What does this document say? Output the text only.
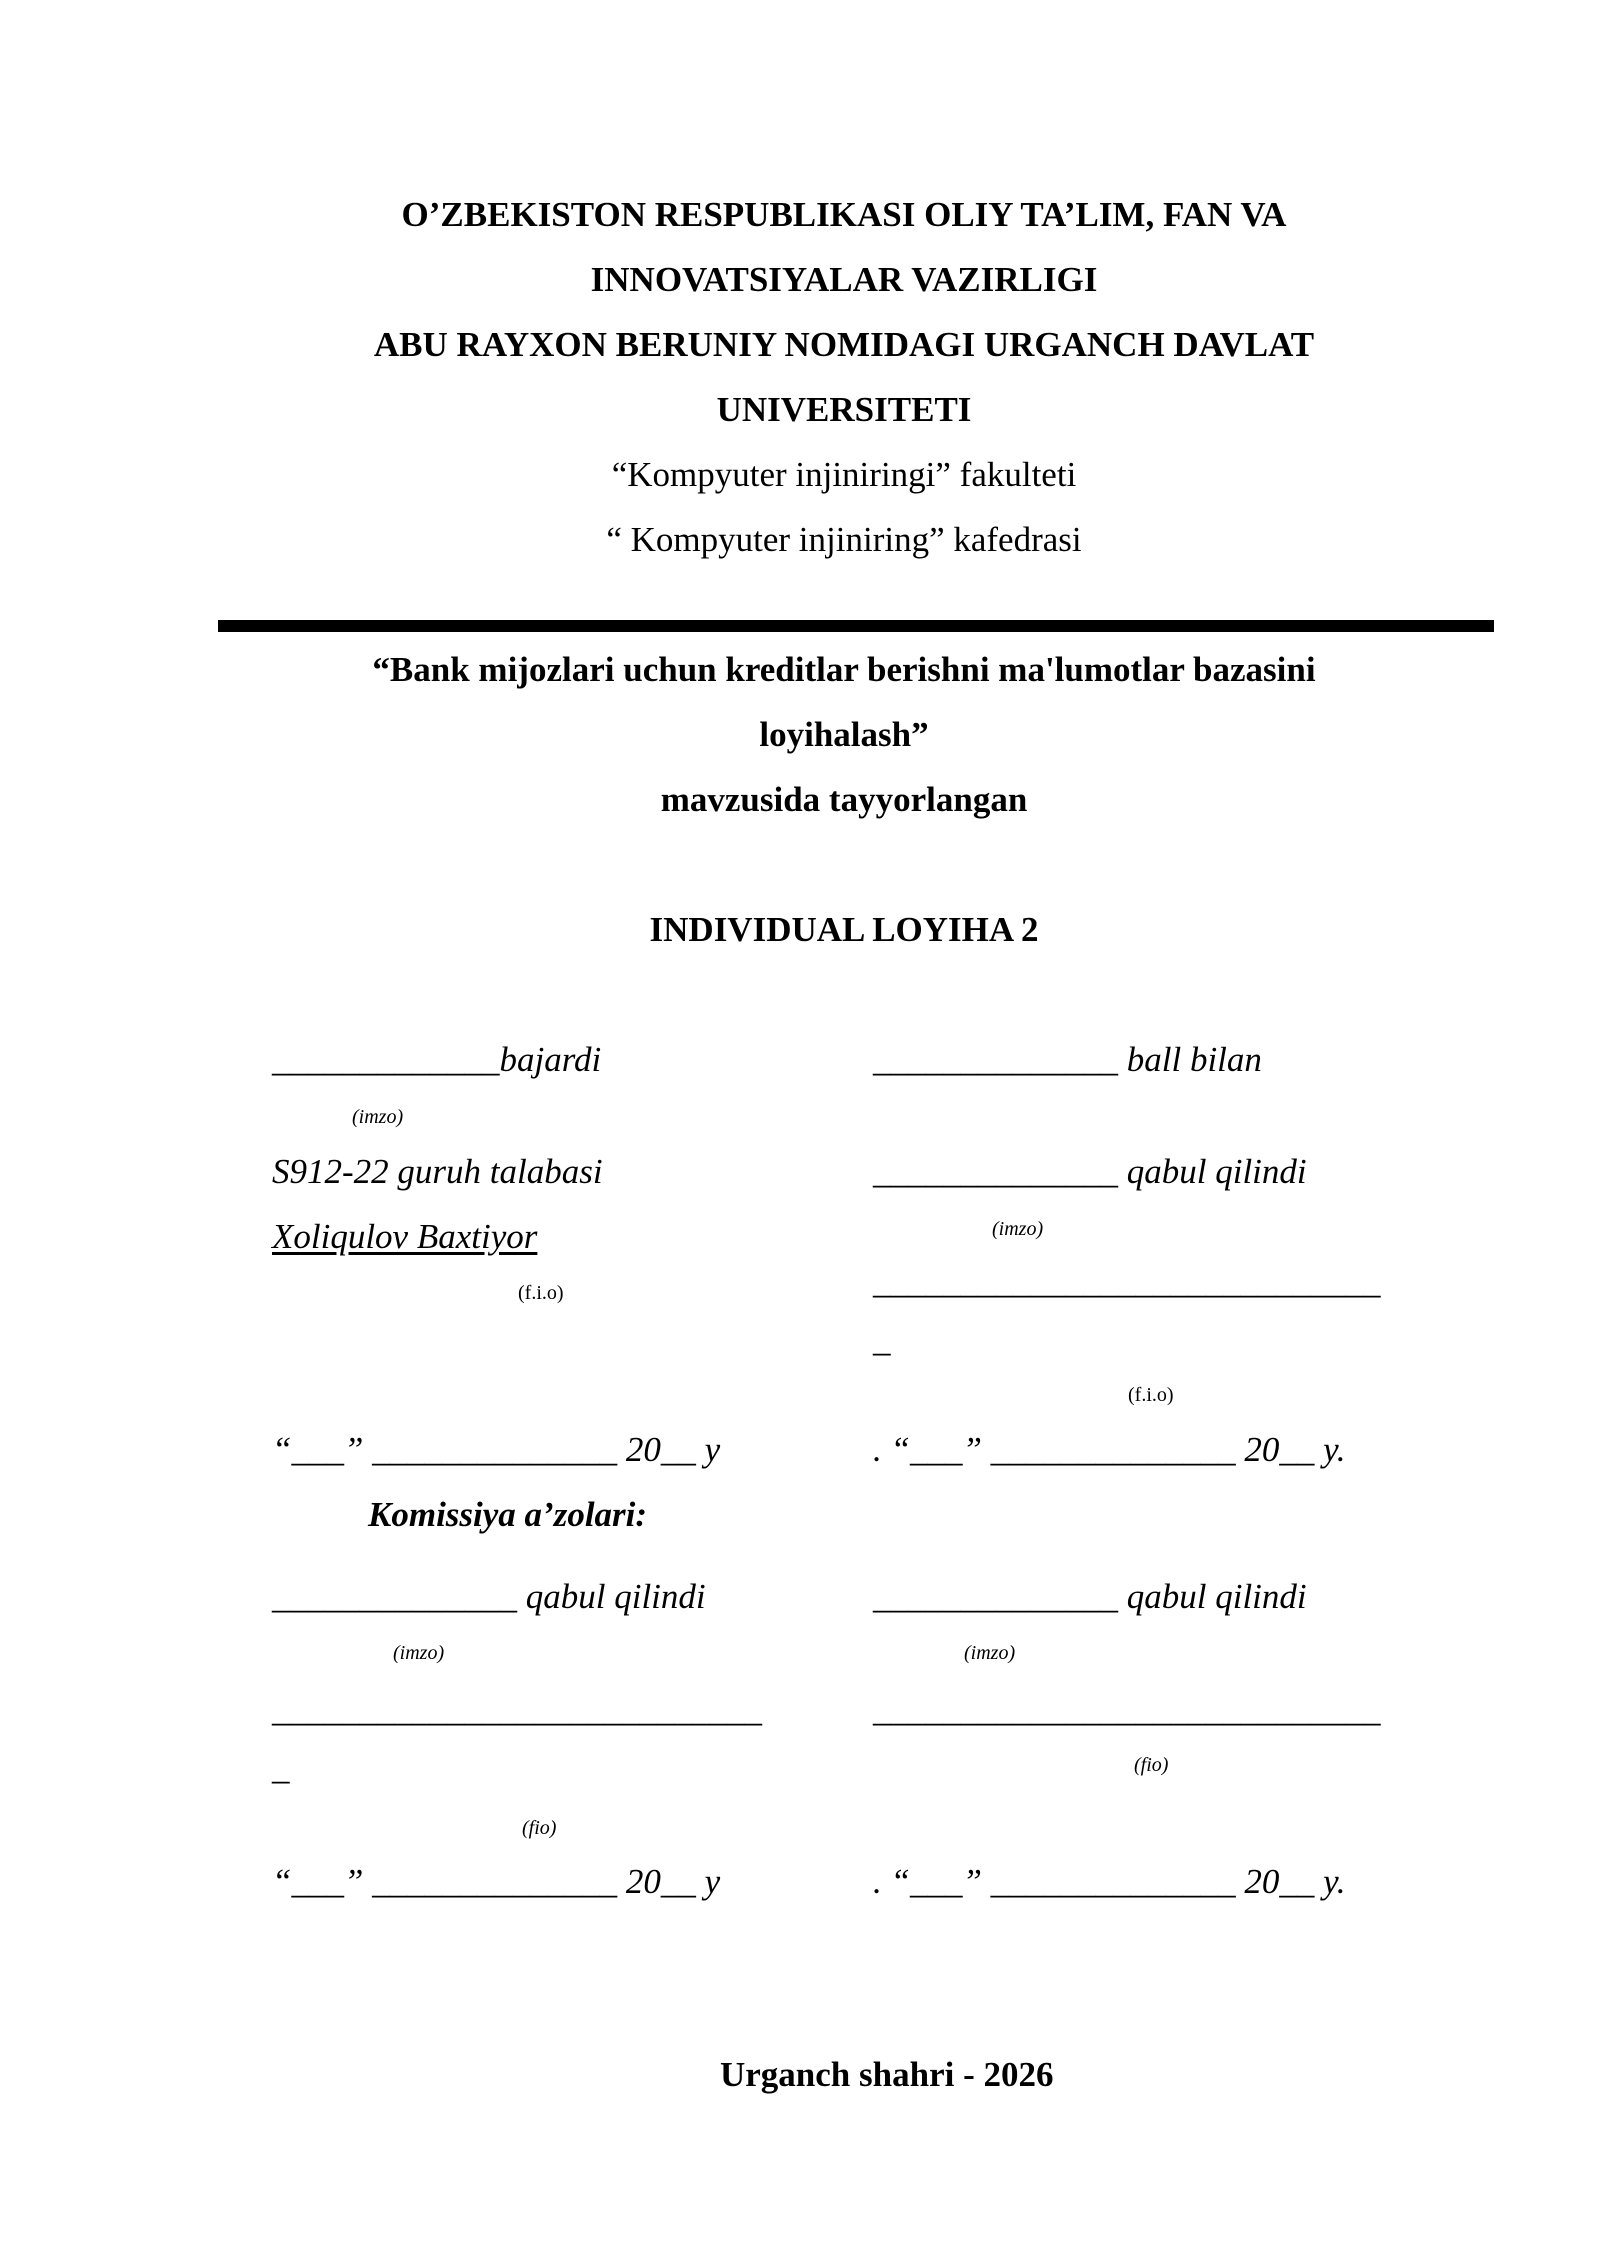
O’ZBEKISTON RESPUBLIKASI OLIY TA’LIM, FAN VA
INNOVATSIYALAR VAZIRLIGI
ABU RAYXON BERUNIY NOMIDAGI URGANCH DAVLAT
UNIVERSITETI
“Kompyuter injiniringi” fakulteti
“ Kompyuter injiniring” kafedrasi
“Bank mijozlari uchun kreditlar berishni ma'lumotlar bazasini
loyihalash”
mavzusida tayyorlangan
INDIVIDUAL LOYIHA 2
_____________bajardi
(imzo)
S912-22 guruh talabasi
Xoliqulov Baxtiyor
(f.i.o)
“___” ______________ 20__ y
______________ ball bilan
______________ qabul qilindi
(imzo)
_____________________________
_
(f.i.o)
. “___” ______________ 20__ y.
Komissiya a’zolari:
______________ qabul qilindi
(imzo)
____________________________
_
(fio)
“___” ______________ 20__ y
______________ qabul qilindi
(imzo)
_____________________________
(fio)
. “___” ______________ 20__ y.
Urganch shahri - 2026
